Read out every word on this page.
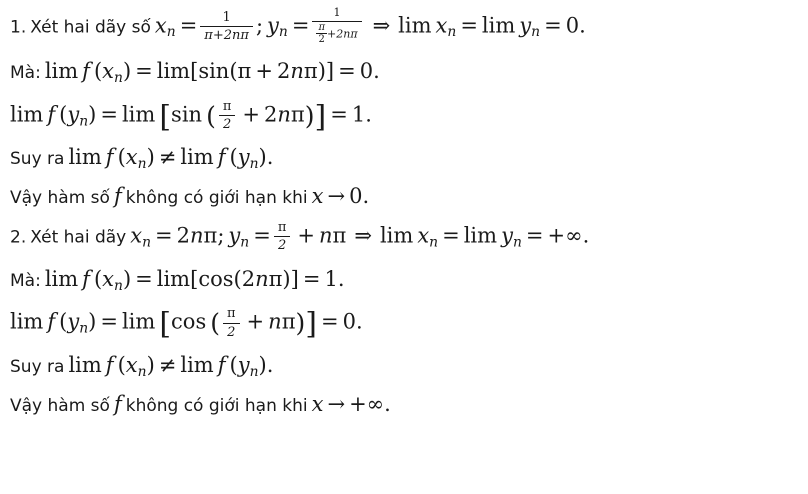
1. Xét hai dãy số $x_n = \frac{1}{\pi+2n\pi}$ ; $y_n = \frac{1}{\frac{\pi}{2} +2n\pi}$ ⇒ $\lim x_n = \lim y_n = 0$.
Mà: lim f $(x_n) = \lim[\sin(\pi + 2n\pi)] = 0$.
lim f $(y_n) = \lim [\sin$ ( $\frac{\pi}{2} + 2n\pi)] = 1$.
Suy ra lim f $(x_n) \ne \lim f$ $(y_n)$.
Vậy hàm số f không có giới hạn khi x → 0.
2. Xét hai dãy $x_n = 2n\pi$; $y_n = \frac{\pi}{2} + n\pi$ ⇒ $\lim x_n = \lim y_n$ = +∞.
Mà: lim f $(x_n) = \lim[\cos(2n\pi)] = 1$.
lim f $(y_n) = \lim [\cos$ ( $\frac{\pi}{2} + n\pi)] = 0$.
Suy ra lim f $(x_n) \ne \lim f$ $(y_n)$.
Vậy hàm số f không có giới hạn khi x → +∞.
